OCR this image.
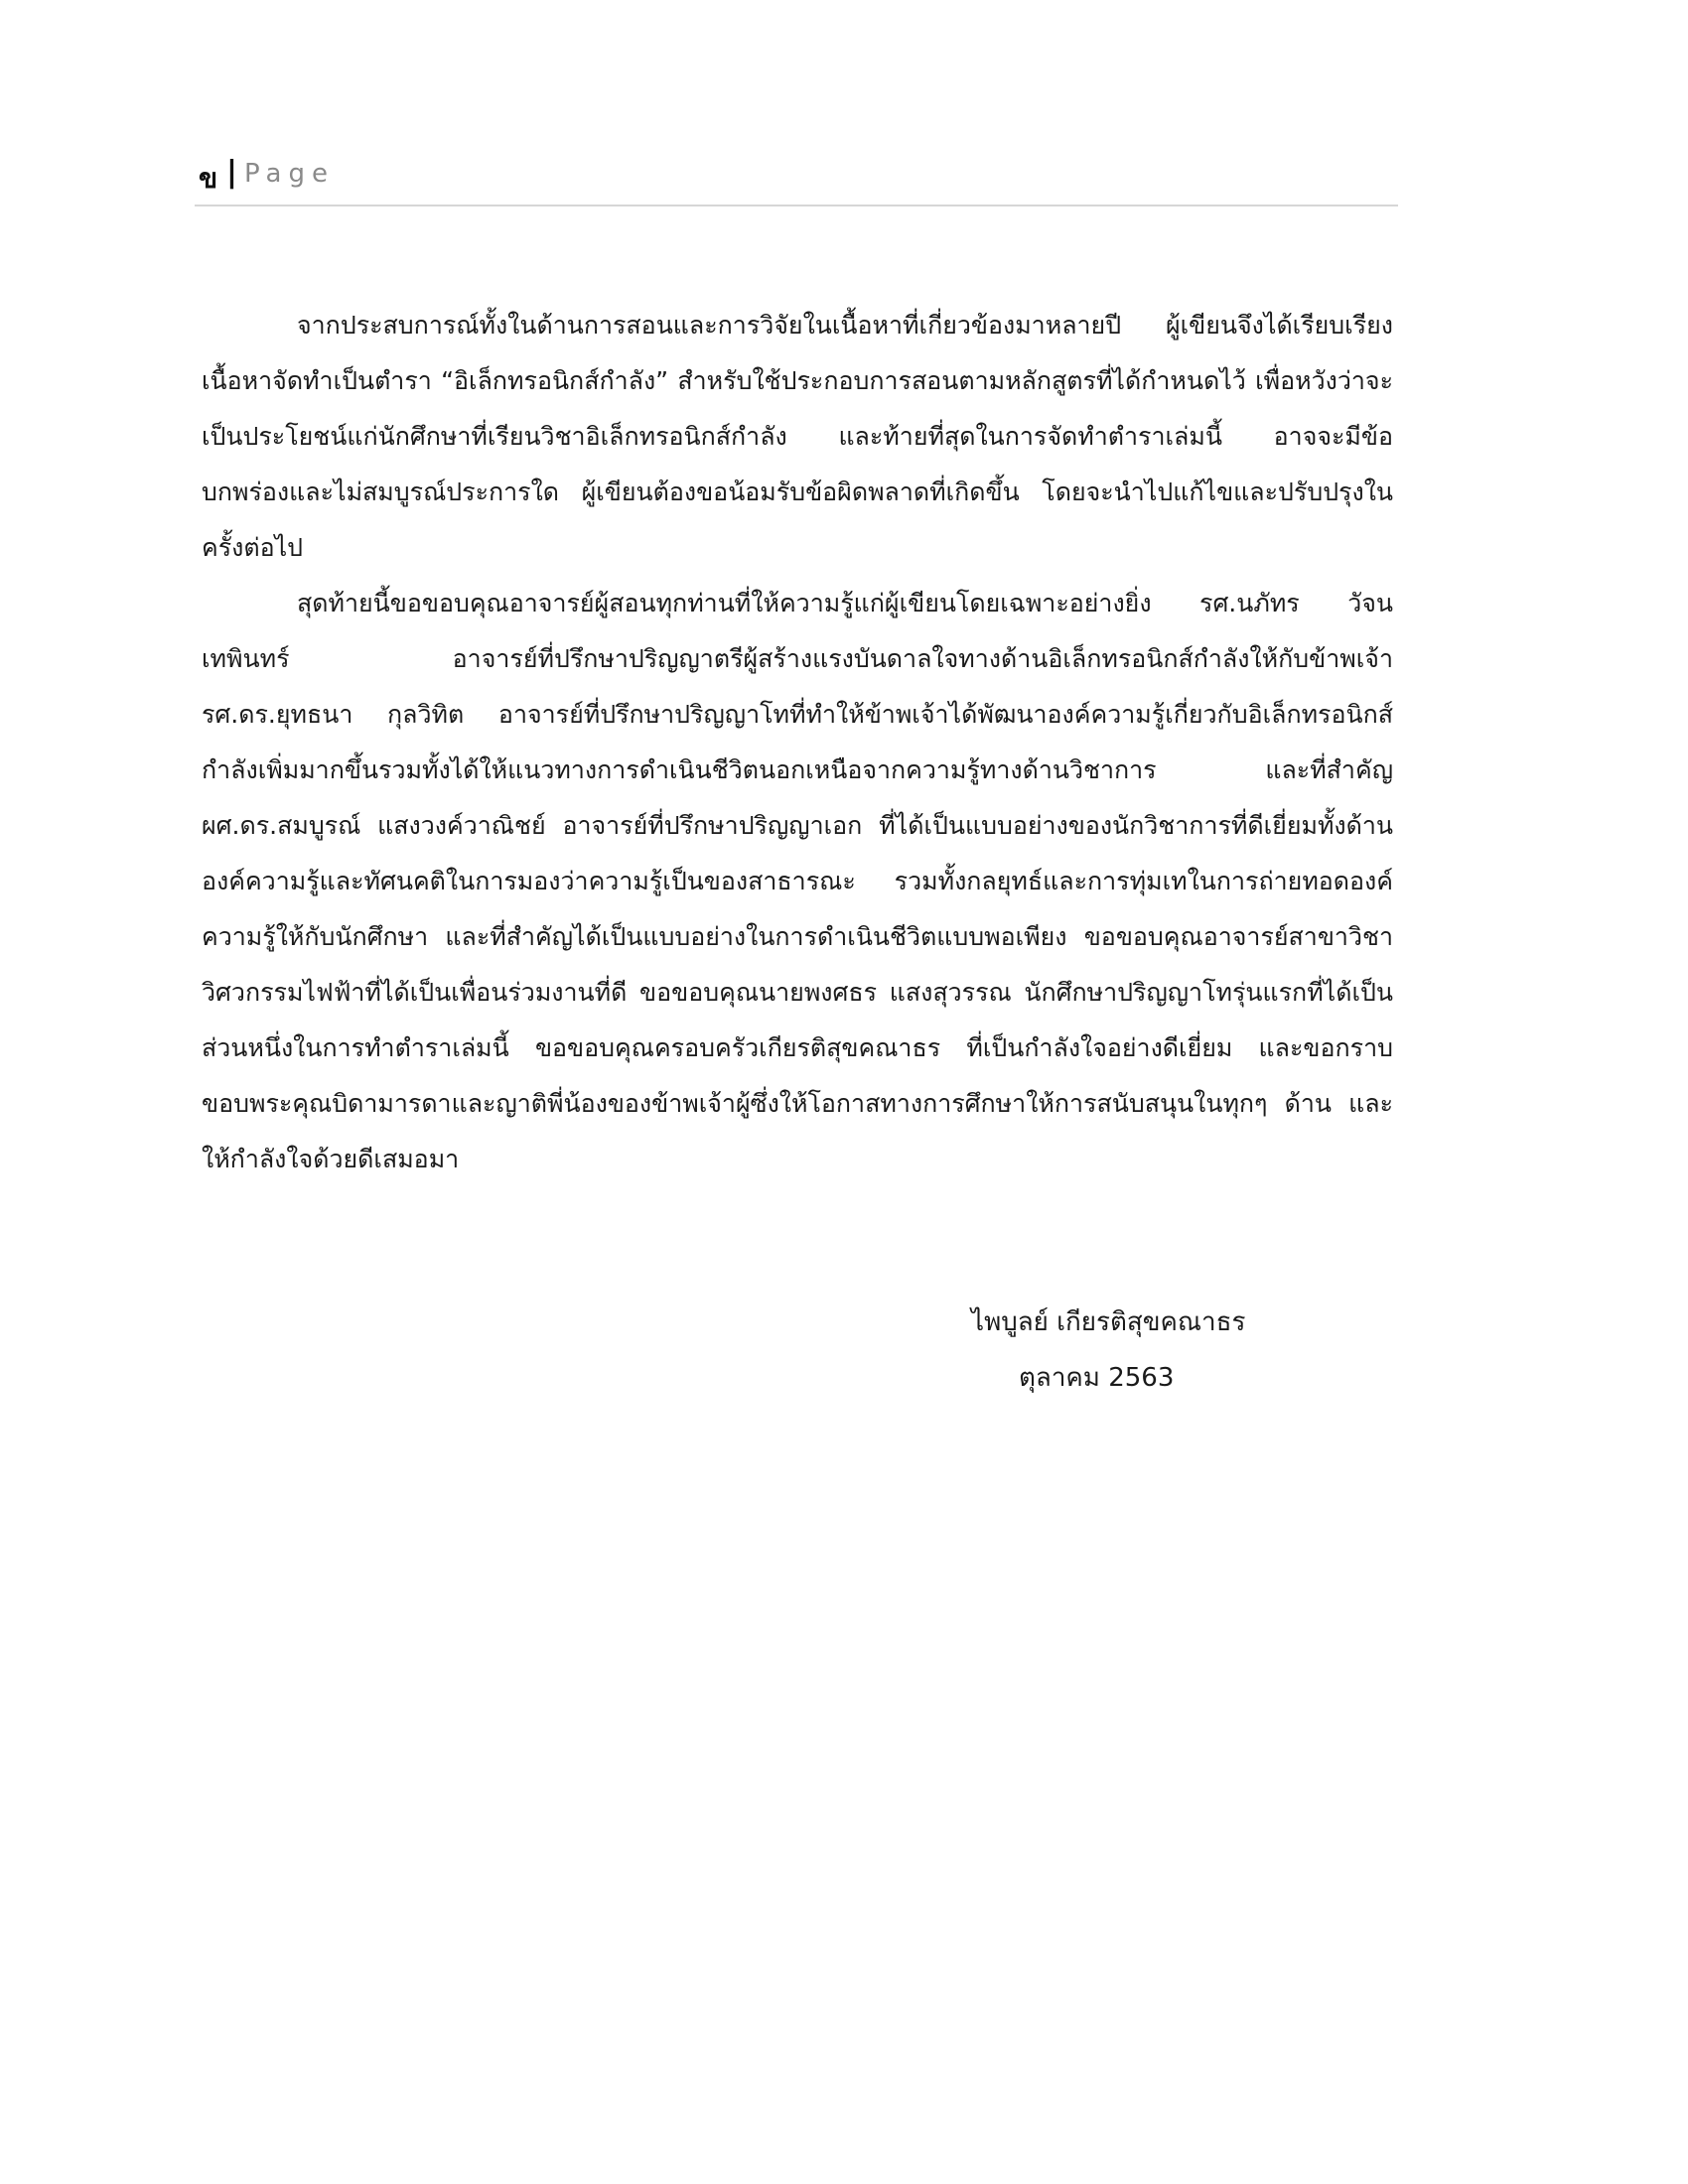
ข | Page

จากประสบการณ์ทั้งในด้านการสอนและการวิจัยในเนื้อหาที่เกี่ยวข้องมาหลายปี ผู้เขียนจึงได้เรียบเรียงเนื้อหาจัดทำเป็นตำรา “อิเล็กทรอนิกส์กำลัง” สำหรับใช้ประกอบการสอนตามหลักสูตรที่ได้กำหนดไว้ เพื่อหวังว่าจะเป็นประโยชน์แก่นักศึกษาที่เรียนวิชาอิเล็กทรอนิกส์กำลัง และท้ายที่สุดในการจัดทำตำราเล่มนี้ อาจจะมีข้อบกพร่องและไม่สมบูรณ์ประการใด ผู้เขียนต้องขอน้อมรับข้อผิดพลาดที่เกิดขึ้น โดยจะนำไปแก้ไขและปรับปรุงในครั้งต่อไป

สุดท้ายนี้ขอขอบคุณอาจารย์ผู้สอนทุกท่านที่ให้ความรู้แก่ผู้เขียนโดยเฉพาะอย่างยิ่ง รศ.นภัทร วัจนเทพินทร์ อาจารย์ที่ปรึกษาปริญญาตรีผู้สร้างแรงบันดาลใจทางด้านอิเล็กทรอนิกส์กำลังให้กับข้าพเจ้า รศ.ดร.ยุทธนา กุลวิทิต อาจารย์ที่ปรึกษาปริญญาโทที่ทำให้ข้าพเจ้าได้พัฒนาองค์ความรู้เกี่ยวกับอิเล็กทรอนิกส์กำลังเพิ่มมากขึ้นรวมทั้งได้ให้แนวทางการดำเนินชีวิตนอกเหนือจากความรู้ทางด้านวิชาการ และที่สำคัญ ผศ.ดร.สมบูรณ์ แสงวงค์วาณิชย์ อาจารย์ที่ปรึกษาปริญญาเอก ที่ได้เป็นแบบอย่างของนักวิชาการที่ดีเยี่ยมทั้งด้านองค์ความรู้และทัศนคติในการมองว่าความรู้เป็นของสาธารณะ รวมทั้งกลยุทธ์และการทุ่มเทในการถ่ายทอดองค์ความรู้ให้กับนักศึกษา และที่สำคัญได้เป็นแบบอย่างในการดำเนินชีวิตแบบพอเพียง ขอขอบคุณอาจารย์สาขาวิชาวิศวกรรมไฟฟ้าที่ได้เป็นเพื่อนร่วมงานที่ดี ขอขอบคุณนายพงศธร แสงสุวรรณ นักศึกษาปริญญาโทรุ่นแรกที่ได้เป็นส่วนหนึ่งในการทำตำราเล่มนี้ ขอขอบคุณครอบครัวเกียรติสุขคณาธร ที่เป็นกำลังใจอย่างดีเยี่ยม และขอกราบขอบพระคุณบิดามารดาและญาติพี่น้องของข้าพเจ้าผู้ซึ่งให้โอกาสทางการศึกษาให้การสนับสนุนในทุกๆ ด้าน และให้กำลังใจด้วยดีเสมอมา

ไพบูลย์ เกียรติสุขคณาธร
ตุลาคม 2563
